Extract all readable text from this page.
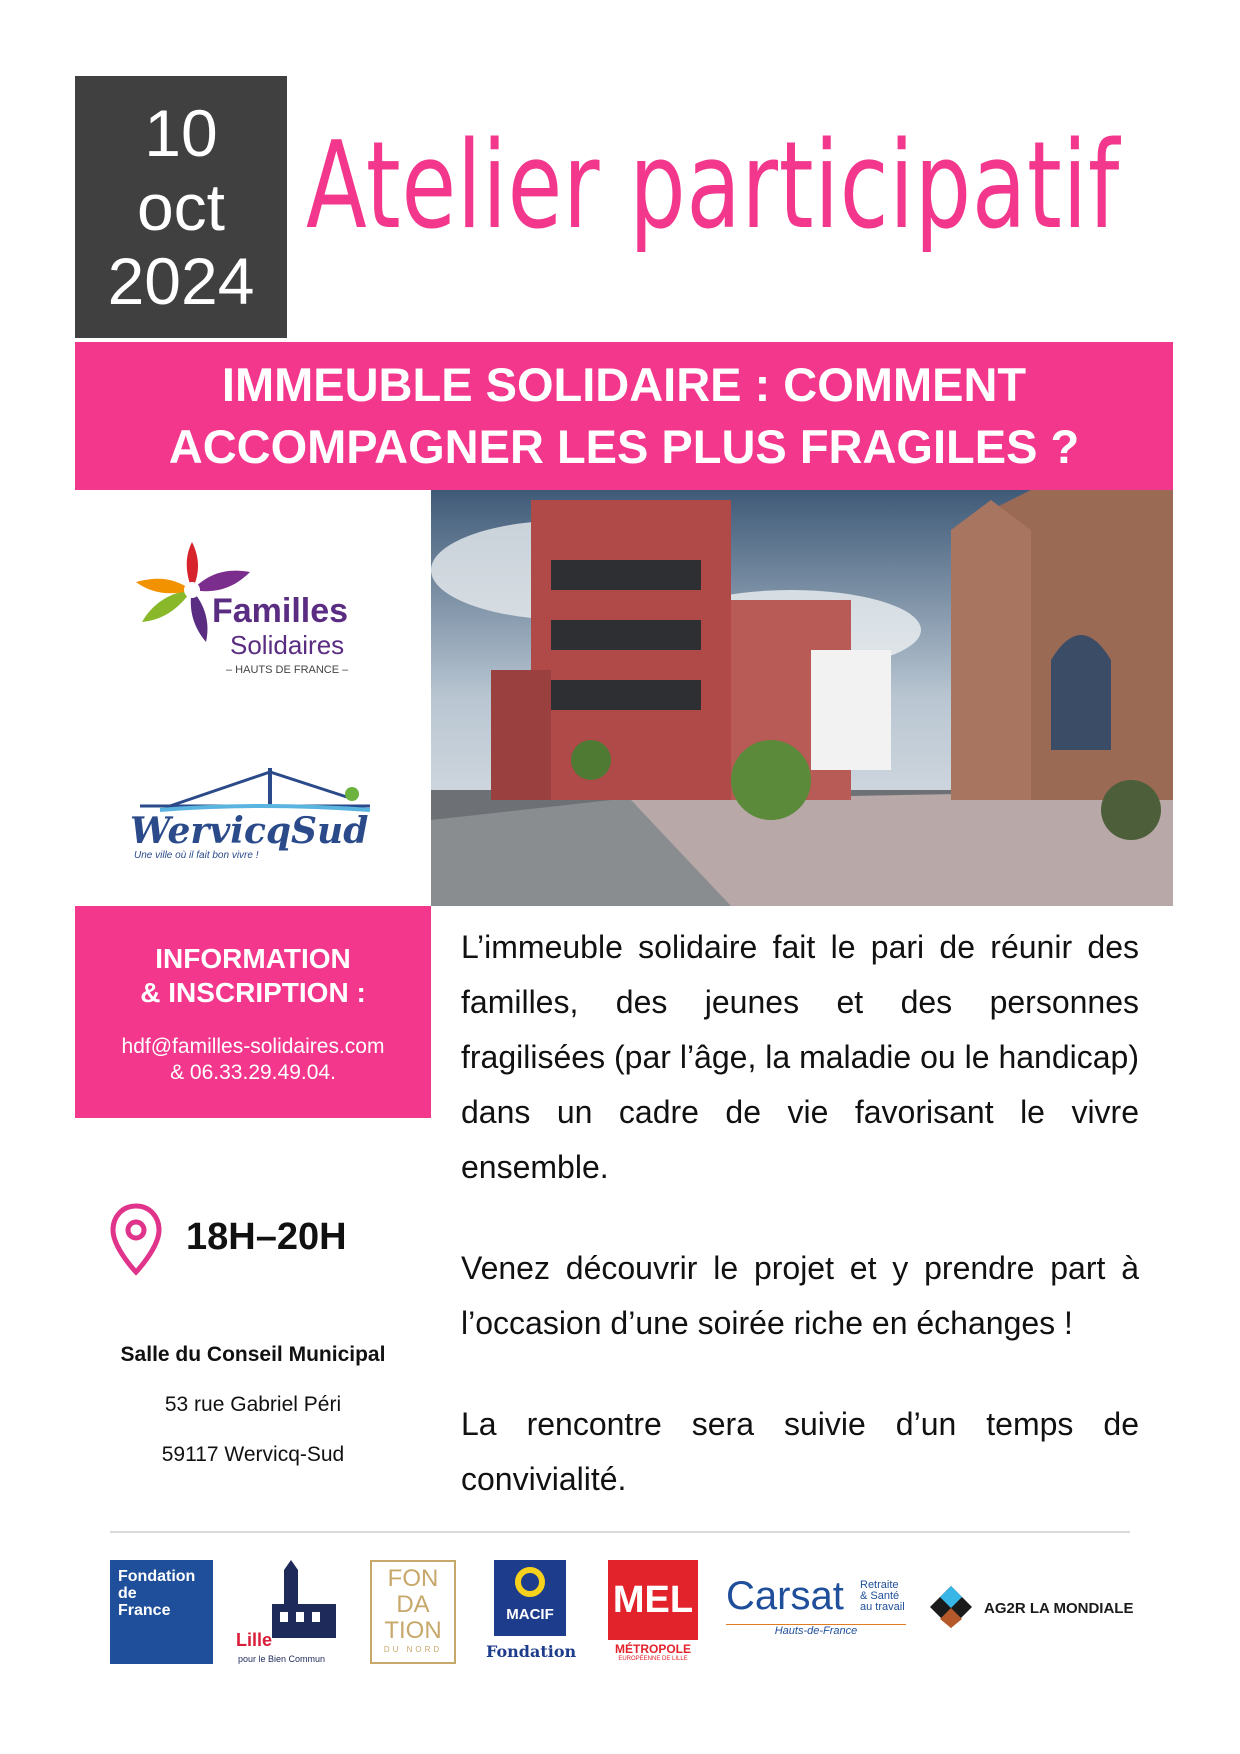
10
oct
2024
Atelier participatif
IMMEUBLE SOLIDAIRE : COMMENT
ACCOMPAGNER LES PLUS FRAGILES ?
Familles
Solidaires
– HAUTS DE FRANCE –
WervicqSud
Une ville où il fait bon vivre !
INFORMATION
& INSCRIPTION :
hdf@familles-solidaires.com
& 06.33.29.49.04.
18H–20H
Salle du Conseil Municipal
53 rue Gabriel Péri
59117 Wervicq-Sud

L’immeuble solidaire fait le pari de réunir des familles, des jeunes et des personnes fragilisées (par l’âge, la maladie ou le handicap) dans un cadre de vie favorisant le vivre ensemble.

Venez découvrir le projet et y prendre part à l’occasion d’une soirée riche en échanges !

La rencontre sera suivie d’un temps de convivialité.

Fondation
de
France
Lille
pour le Bien Commun
FON
DA
TION
DU NORD
MACIF
Fondation
MEL
MÉTROPOLE
EUROPÉENNE DE LILLE
Carsat Retraite
& Santé
au travail
Hauts-de-France
AG2R LA MONDIALE
